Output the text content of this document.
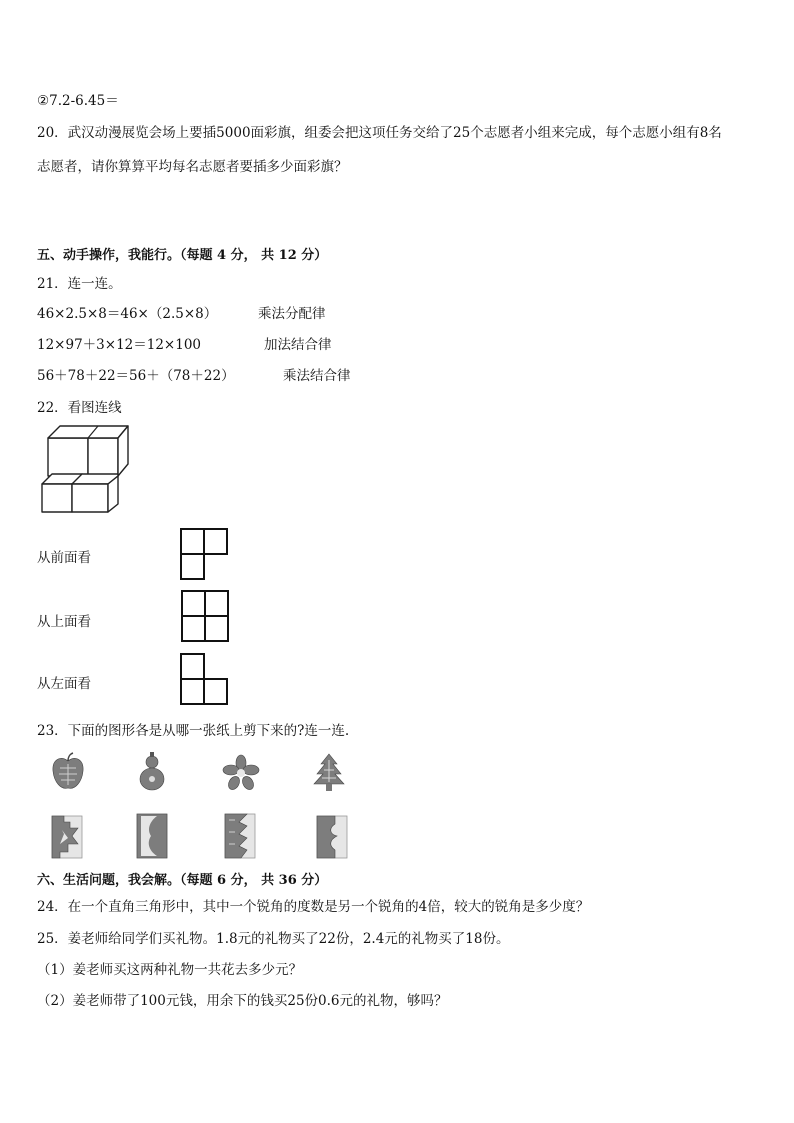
②7.2-6.45＝
20．武汉动漫展览会场上要插5000面彩旗，组委会把这项任务交给了25个志愿者小组来完成，每个志愿小组有8名
志愿者，请你算算平均每名志愿者要插多少面彩旗？
五、动手操作，我能行。（每题 4 分， 共 12 分）
21．连一连。
46×2.5×8＝46×（2.5×8）	乘法分配律
12×97＋3×12＝12×100	加法结合律
56＋78＋22＝56＋（78＋22）	乘法结合律
22．看图连线
从前面看
从上面看
从左面看
23．下面的图形各是从哪一张纸上剪下来的?连一连.
六、生活问题，我会解。（每题 6 分， 共 36 分）
24．在一个直角三角形中，其中一个锐角的度数是另一个锐角的4倍，较大的锐角是多少度？
25．姜老师给同学们买礼物。1.8元的礼物买了22份，2.4元的礼物买了18份。
（1）姜老师买这两种礼物一共花去多少元？
（2）姜老师带了100元钱，用余下的钱买25份0.6元的礼物，够吗？
